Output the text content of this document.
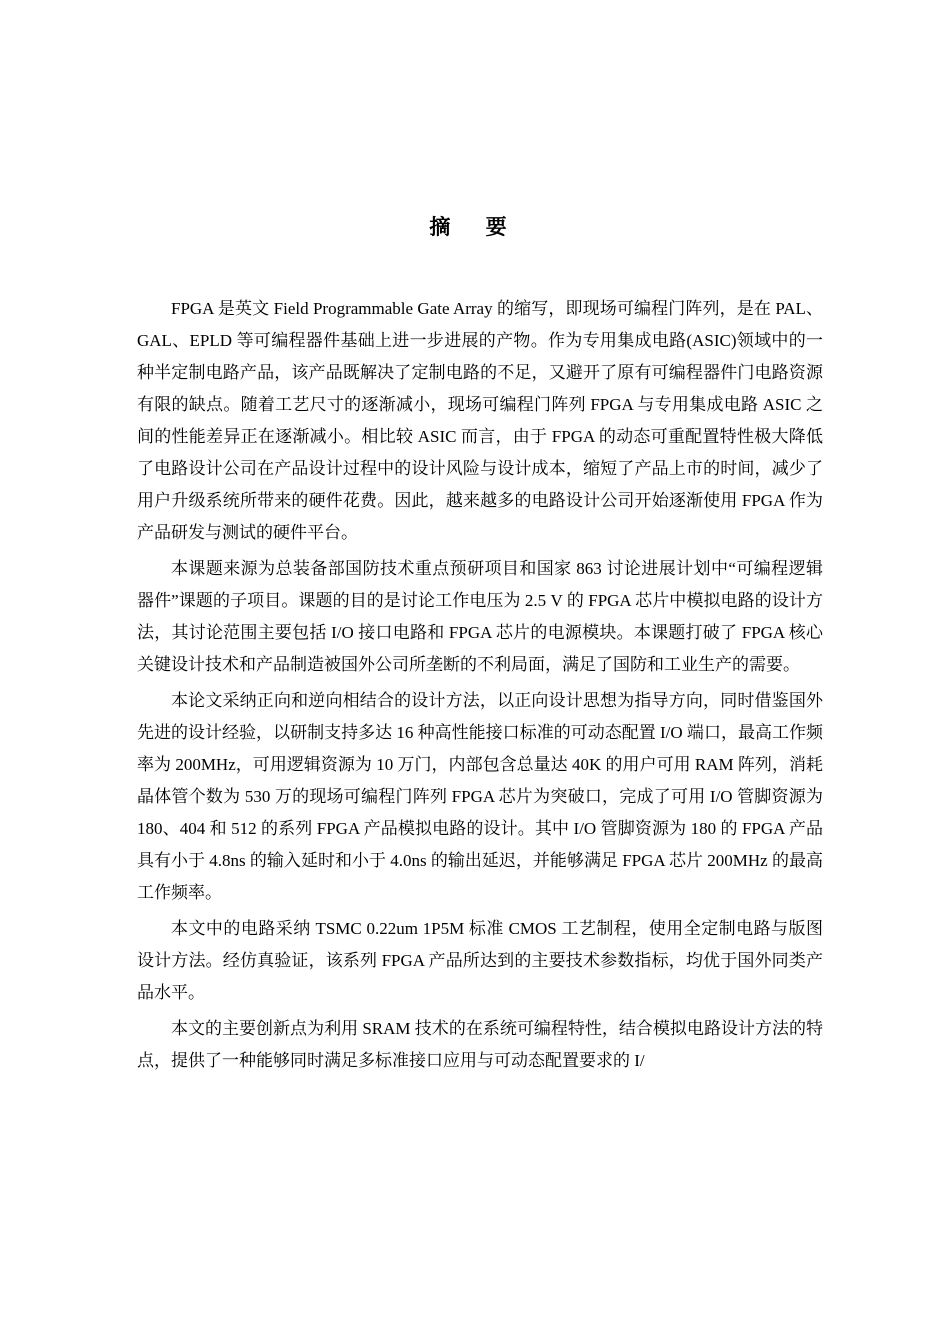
摘 要

FPGA 是英文 Field Programmable Gate Array 的缩写，即现场可编程门阵列，是在 PAL、GAL、EPLD 等可编程器件基础上进一步进展的产物。作为专用集成电路(ASIC)领域中的一种半定制电路产品，该产品既解决了定制电路的不足，又避开了原有可编程器件门电路资源有限的缺点。随着工艺尺寸的逐渐减小，现场可编程门阵列 FPGA 与专用集成电路 ASIC 之间的性能差异正在逐渐减小。相比较 ASIC 而言，由于 FPGA 的动态可重配置特性极大降低了电路设计公司在产品设计过程中的设计风险与设计成本，缩短了产品上市的时间，减少了用户升级系统所带来的硬件花费。因此，越来越多的电路设计公司开始逐渐使用 FPGA 作为产品研发与测试的硬件平台。

本课题来源为总装备部国防技术重点预研项目和国家 863 讨论进展计划中“可编程逻辑器件”课题的子项目。课题的目的是讨论工作电压为 2.5 V 的 FPGA 芯片中模拟电路的设计方法，其讨论范围主要包括 I/O 接口电路和 FPGA 芯片的电源模块。本课题打破了 FPGA 核心关键设计技术和产品制造被国外公司所垄断的不利局面，满足了国防和工业生产的需要。

本论文采纳正向和逆向相结合的设计方法，以正向设计思想为指导方向，同时借鉴国外先进的设计经验，以研制支持多达 16 种高性能接口标准的可动态配置 I/O 端口，最高工作频率为 200MHz，可用逻辑资源为 10 万门，内部包含总量达 40K 的用户可用 RAM 阵列，消耗晶体管个数为 530 万的现场可编程门阵列 FPGA 芯片为突破口，完成了可用 I/O 管脚资源为 180、404 和 512 的系列 FPGA 产品模拟电路的设计。其中 I/O 管脚资源为 180 的 FPGA 产品具有小于 4.8ns 的输入延时和小于 4.0ns 的输出延迟，并能够满足 FPGA 芯片 200MHz 的最高工作频率。

本文中的电路采纳 TSMC 0.22um 1P5M 标准 CMOS 工艺制程，使用全定制电路与版图设计方法。经仿真验证，该系列 FPGA 产品所达到的主要技术参数指标，均优于国外同类产品水平。

本文的主要创新点为利用 SRAM 技术的在系统可编程特性，结合模拟电路设计方法的特点，提供了一种能够同时满足多标准接口应用与可动态配置要求的 I/
